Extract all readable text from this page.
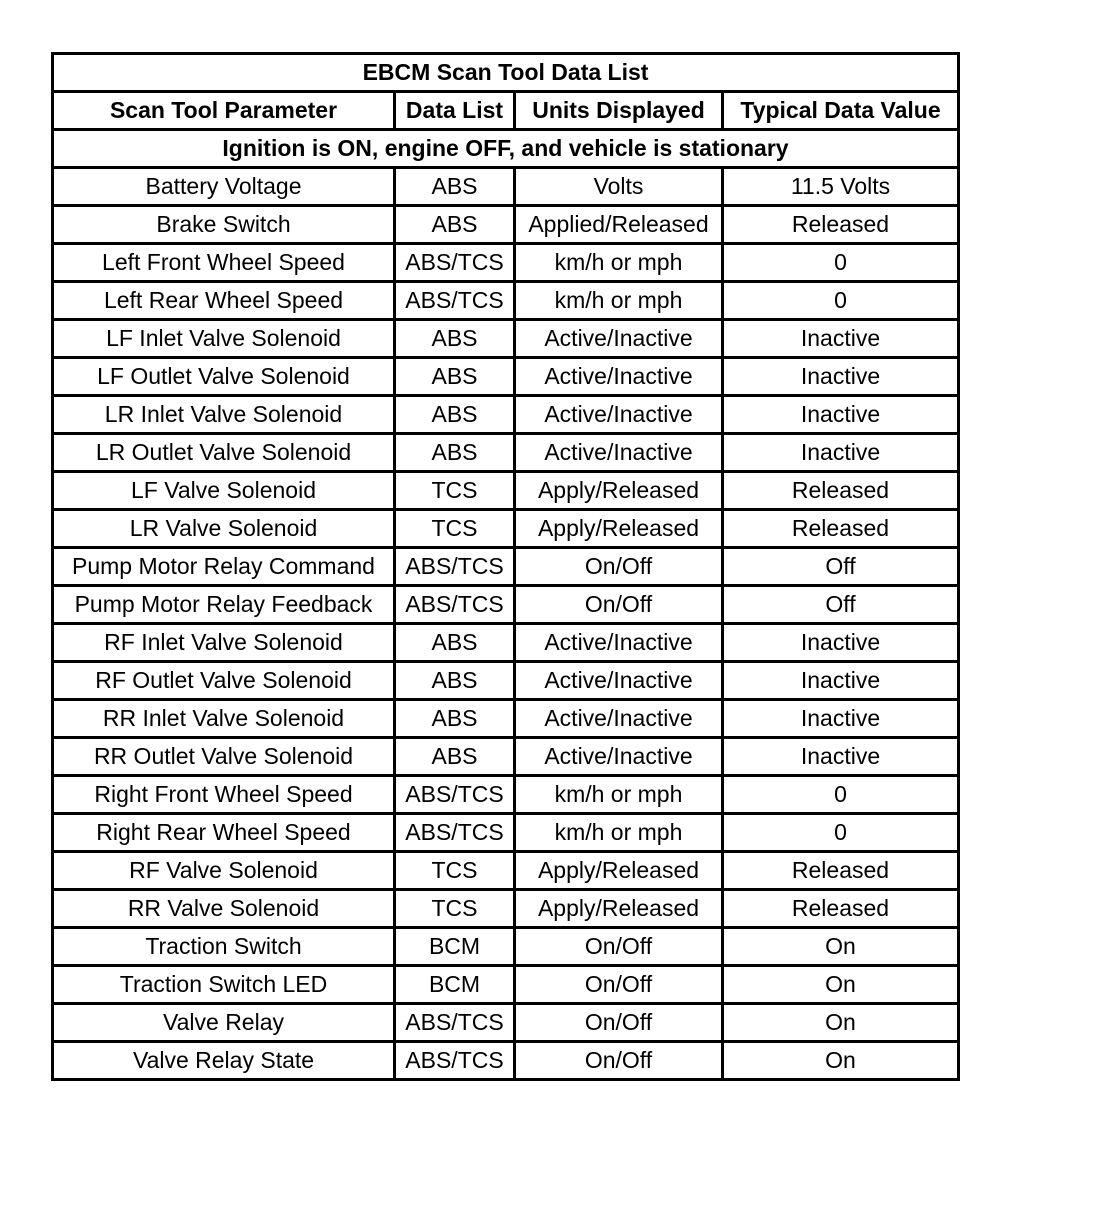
EBCM Scan Tool Data List			
Scan Tool Parameter	Data List	Units Displayed	Typical Data Value
Ignition is ON, engine OFF, and vehicle is stationary			
Battery Voltage	ABS	Volts	11.5 Volts
Brake Switch	ABS	Applied/Released	Released
Left Front Wheel Speed	ABS/TCS	km/h or mph	0
Left Rear Wheel Speed	ABS/TCS	km/h or mph	0
LF Inlet Valve Solenoid	ABS	Active/Inactive	Inactive
LF Outlet Valve Solenoid	ABS	Active/Inactive	Inactive
LR Inlet Valve Solenoid	ABS	Active/Inactive	Inactive
LR Outlet Valve Solenoid	ABS	Active/Inactive	Inactive
LF Valve Solenoid	TCS	Apply/Released	Released
LR Valve Solenoid	TCS	Apply/Released	Released
Pump Motor Relay Command	ABS/TCS	On/Off	Off
Pump Motor Relay Feedback	ABS/TCS	On/Off	Off
RF Inlet Valve Solenoid	ABS	Active/Inactive	Inactive
RF Outlet Valve Solenoid	ABS	Active/Inactive	Inactive
RR Inlet Valve Solenoid	ABS	Active/Inactive	Inactive
RR Outlet Valve Solenoid	ABS	Active/Inactive	Inactive
Right Front Wheel Speed	ABS/TCS	km/h or mph	0
Right Rear Wheel Speed	ABS/TCS	km/h or mph	0
RF Valve Solenoid	TCS	Apply/Released	Released
RR Valve Solenoid	TCS	Apply/Released	Released
Traction Switch	BCM	On/Off	On
Traction Switch LED	BCM	On/Off	On
Valve Relay	ABS/TCS	On/Off	On
Valve Relay State	ABS/TCS	On/Off	On
